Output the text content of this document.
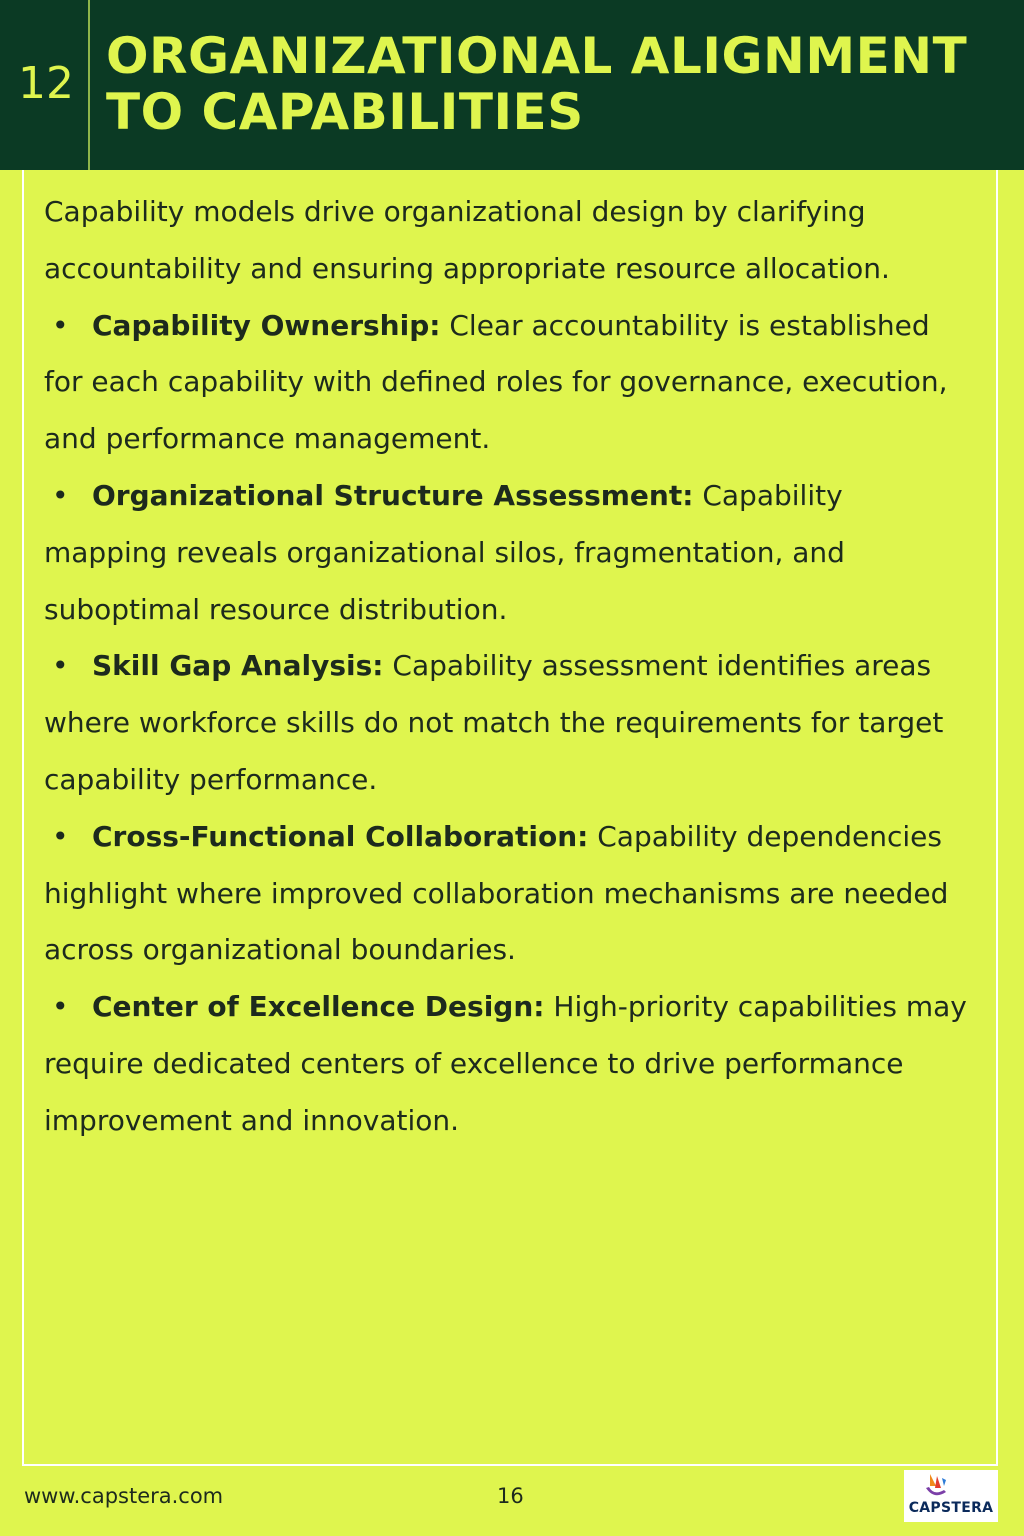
12 ORGANIZATIONAL ALIGNMENT TO CAPABILITIES

Capability models drive organizational design by clarifying accountability and ensuring appropriate resource allocation.

• Capability Ownership: Clear accountability is established for each capability with defined roles for governance, execution, and performance management.
• Organizational Structure Assessment: Capability mapping reveals organizational silos, fragmentation, and suboptimal resource distribution.
• Skill Gap Analysis: Capability assessment identifies areas where workforce skills do not match the requirements for target capability performance.
• Cross-Functional Collaboration: Capability dependencies highlight where improved collaboration mechanisms are needed across organizational boundaries.
• Center of Excellence Design: High-priority capabilities may require dedicated centers of excellence to drive performance improvement and innovation.
www.capstera.com	16	CAPSTERA
